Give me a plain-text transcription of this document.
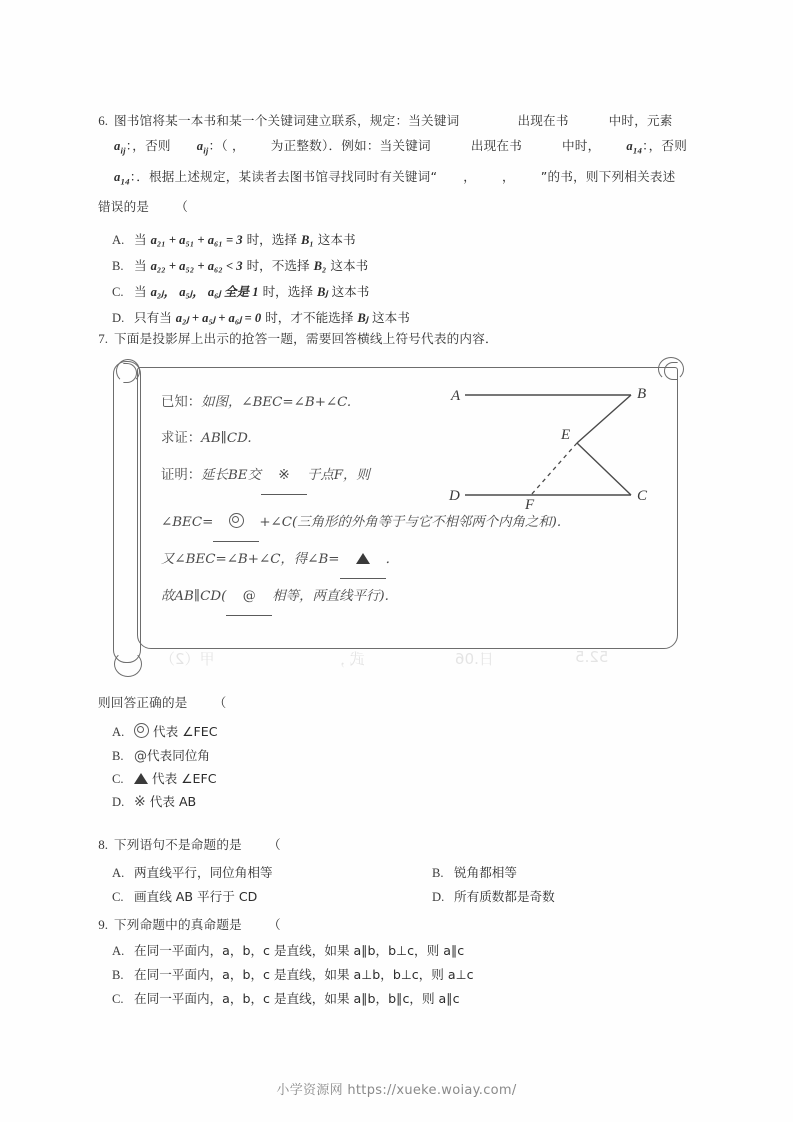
6. 图书馆将某一本书和某一个关键词建立联系，规定：当关键词	出现在书	中时，元素
$a_{ij}$：，否则 $a_{ij}$：（ ， 为正整数）．例如：当关键词	出现在书	中时， $a_{14}$：，否则
$a_{14}$：．根据上述规定，某读者去图书馆寻找同时有关键词“ ， ， ”的书，则下列相关表述
错误的是 （
A. 当 a₂₁ + a₅₁ + a₆₁ = 3 时，选择 B₁ 这本书
B. 当 a₂₂ + a₅₂ + a₆₂ < 3 时，不选择 B₂ 这本书
C. 当 a₂ⱼ， a₅ⱼ， a₆ⱼ 全是 1 时，选择 Bⱼ 这本书
D. 只有当 a₂ⱼ + a₅ⱼ + a₆ⱼ = 0 时，才不能选择 Bⱼ 这本书
7. 下面是投影屏上出示的抢答一题，需要回答横线上符号代表的内容．
已知：如图，∠BEC=∠B+∠C.
求证：AB∥CD.
证明：延长BE交 ※ 于点F，则
∠BEC=	+∠C(三角形的外角等于与它不相邻两个内角之和).
又∠BEC=∠B+∠C，得∠B=	．
故AB∥CD( @ 相等，两直线平行).
A	B
D	C
E
F
甲（2）	武 ，	日.06	52.5
则回答正确的是 （
A.	代表 ∠FEC
B. @代表同位角
C.	代表 ∠EFC
D. ※ 代表 AB
8. 下列语句不是命题的是 （
A. 两直线平行，同位角相等	B. 锐角都相等
C. 画直线 AB 平行于 CD	D. 所有质数都是奇数
9. 下列命题中的真命题是 （
A. 在同一平面内，a，b，c 是直线，如果 a∥b，b⊥c，则 a∥c
B. 在同一平面内，a，b，c 是直线，如果 a⊥b，b⊥c，则 a⊥c
C. 在同一平面内，a，b，c 是直线，如果 a∥b，b∥c，则 a∥c
小学资源网 https://xueke.woiay.com/
